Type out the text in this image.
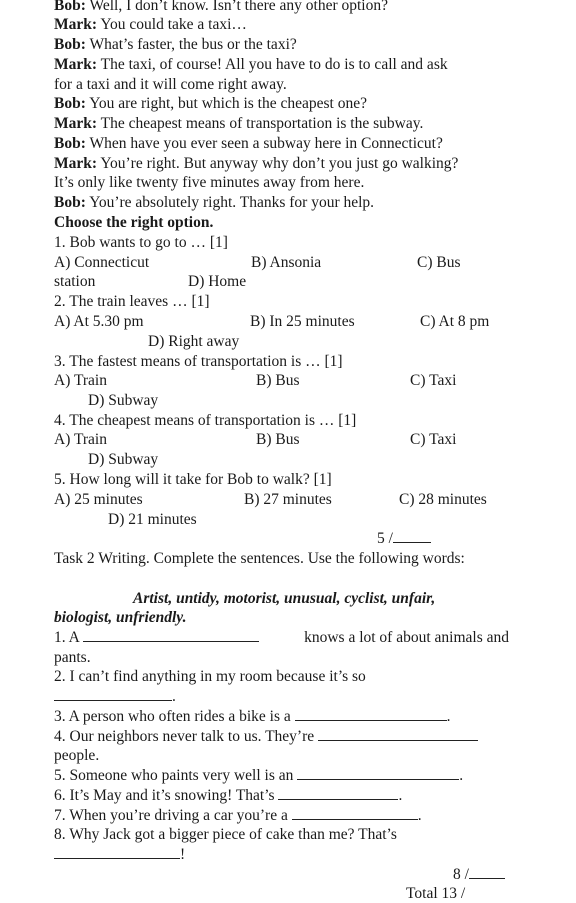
Bob: Well, I don’t know. Isn’t there any other option?
Mark: You could take a taxi…
Bob: What’s faster, the bus or the taxi?
Mark: The taxi, of course! All you have to do is to call and ask
for a taxi and it will come right away.
Bob: You are right, but which is the cheapest one?
Mark: The cheapest means of transportation is the subway.
Bob: When have you ever seen a subway here in Connecticut?
Mark: You’re right. But anyway why don’t you just go walking?
It’s only like twenty five minutes away from here.
Bob: You’re absolutely right. Thanks for your help.
Choose the right option.
1. Bob wants to go to … [1]
A) Connecticut	B) Ansonia	C) Bus
station	D) Home
2. The train leaves … [1]
A) At 5.30 pm	B) In 25 minutes	C) At 8 pm
D) Right away
3. The fastest means of transportation is … [1]
A) Train	B) Bus	C) Taxi
D) Subway
4. The cheapest means of transportation is … [1]
A) Train	B) Bus	C) Taxi
D) Subway
5. How long will it take for Bob to walk? [1]
A) 25 minutes	B) 27 minutes	C) 28 minutes
D) 21 minutes
5 /
Task 2 Writing. Complete the sentences. Use the following words:
Artist, untidy, motorist, unusual, cyclist, unfair,
biologist, unfriendly.
1. A	knows a lot of about animals and
pants.
2. I can’t find anything in my room because it’s so
.
3. A person who often rides a bike is a	.
4. Our neighbors never talk to us. They’re
people.
5. Someone who paints very well is an	.
6. It’s May and it’s snowing! That’s	.
7. When you’re driving a car you’re a	.
8. Why Jack got a bigger piece of cake than me? That’s
!
8 /
Total 13 /
